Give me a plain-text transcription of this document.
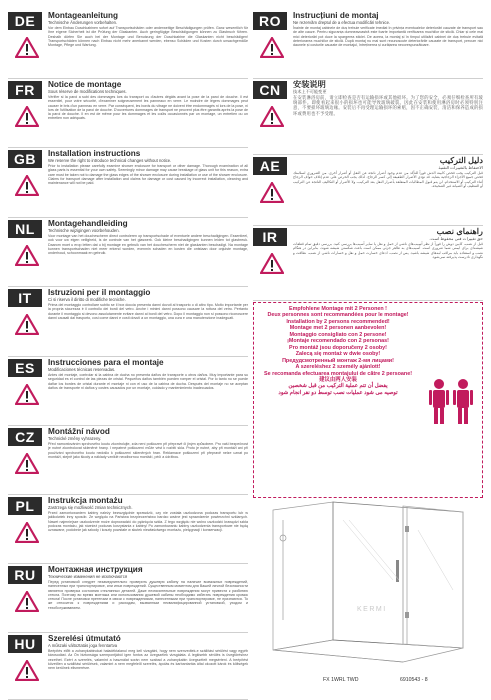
DE	Montageanleitung

Technische Änderungen vorbehalten.

Vor dem Einbau Duschkabinen sofort auf Transportschäden oder anderweitige Beschädigungen prüfen. Ganz wesentlich für Ihre eigene Sicherheit ist die Prüfung der Glaskanten. Auch geringfügige Beschädigungen können zu Glasbruch führen. Deshalb dürfen Sie auch bei der Montage und Benutzung der Duschkabine die Glaskanten nicht beschädigen! Transportschäden können nach Einbau nicht mehr anerkannt werden, ebenso Schäden und Kosten durch unsachgemäße Montage, Pflege und Wartung.

FR	Notice de montage

Sous réserve de modifications techniques.

Vérifier si la paroi a subi des dommages lors du transport ou d'autres dégâts avant la pose de la paroi de douche. Il est essentiel, pour votre sécurité, d'examiner soigneusement les panneaux en verre. Le moindre de légers dommages peut causer le bris d'un panneau en verre. Par conséquent, les bords du vitrage ne doivent être endommagés ni lors de la pose, ni lors de l'utilisation de la paroi de douche. D'ouvertures dommages de transport ne peuvent plus être garantis après la pose de la paroi de douche. Il en est de même pour les dommages et les coûts occasionnés par un montage, un entretien ou un entretien non adéquats.

GB	Installation instructions

We reserve the right to introduce technical changes without notice.

Prior to installation please carefully examine shower enclosure for transport or other damage. Thorough examination of all glass parts is essential for your own safety. Seemingly minor damage may cause breakage of glass unit for this reason, extra care must be taken not to damage the glass edges of the shower enclosure during installation or use of the shower enclosure. Claims for transport damage after installation and claims for damage or cost caused by incorrect installation, cleaning and maintenance will not be paid.

NL	Montagehandleiding

Technische wijzigingen voorbehouden.

Voor montage van het douchescherm direct controleren op transportschade of eventuele andere beschadigingen. Essentieel, ook voor uw eigen veiligheid, is de controle van het glaswerk. Ook kleine beschadigingen kunnen leiden tot glasbreuk. Daarom moet u erop letten dat u bij montage en gebruik van het douchescherm niet de glaskanten beschadigt. Na montage kunnen transportschaden niet meer erkend worden, evenmin schaden en kosten die ontstaan door onjuiste montage, onderhoud, schoonmaak en gebruik.

IT	Istruzioni per il montaggio

Ci si riserva il diritto di modifiche tecniche.

Prima del montaggio controllare subito se il box doccia presenta danni dovuti al trasporto o di altro tipo. Molto importante per la propria sicurezza è il controllo dei bordi del vetro. Anche i minimi danni possono causare la rottura del vetro. Pertanto durante il montaggio si devono assolutamente evitare danni ai bordi del vetro. Dopo il montaggio non si possono riconoscere danni causati dal trasporto, cosi come danni e costi dovuti a un montaggio, una cura e una manutenzione inadeguati.

ES	Instrucciones para el montaje

Modificaciones técnicas reservadas.

Antes del montaje, controlar si la cabina de ducha no presenta daños de transporte u otros daños. Muy importante para su seguridad es el control de las piezas de cristal. Pequeños daños también pueden romper el cristal. Por lo tanto no se puede dañar los bordes de cristal durante el montaje ni con el uso de la cabina de ducha. Después del montaje no se aceptan daños de transporte ni daños y costes causados por un montaje, cuidado y mantenimiento inadecuados.

CZ	Montážní návod

Technické změny vyhrazeny.

Před namontováním sprchového koutu zkontrolujte, zda není poškozen při přepravě či jiným způsobem. Pro vaši bezpečnost je nutné zkontrolovat skleněné hrany. I nepatrné poškození může vést k rozbití skla. Proto je nutné, aby při montáži ani při používání sprchového koutu nedošlo k poškození skleněných hran. Reklamace poškození při přepravě nelze uznat po montáži, stejně jako škody a náklady vzniklé neodbornou montáží, péčí a údržbou.

PL	Instrukcja montażu

Zastrzega się możliwość zmian technicznych.

Przed zamontowaniem kabiny należy bezwzględnie sprawdzić, czy nie została uszkodzona podczas transportu lub w jakikolwiek inny sposób. Ze względu na Państwa bezpieczeństwo bardzo ważne jest sprawdzenie powierzchni szklanych. Nawet najmniejsze uszkodzenie może doprowadzić do pęknięcia szkła. Z tego względu nie wolno uszkodzić krawędzi szkła podczas montażu, jak również podczas korzystania z kabiny! Po zamontowaniu kabiny uszkodzenia transportowe nie będą uznawane, podobnie jak szkody i koszty powstałe w skutek niewłaściwego montażu, pielęgnacji i konserwacji.

RU	Монтажная инструкция

Технические изменения не исключаются

Перед установкой следует незамедлительно проверить душевую кабину на наличие возможных повреждений, нанесенных при транспортировке, или иных повреждений. Существенным моментом для Вашей личной безопасности является проверка состояния стеклянных деталей. Даже незначительные повреждения могут привести к разбитию стекла. Поэтому во время монтажа или использования душевой кабины необходимо избегать повреждения кромок стекла! После установки претензии в связи с повреждениями, нанесенными при транспортировке, не признаются. То же относится к повреждениям и расходам, вызванным неквалифицированной установкой, уходом и техобслуживанием.

HU	Szerelési útmutató

A műszaki változtatás joga fenntartva

Beépítés előtt a zuhanykabinokat haladéktalanul meg kell vizsgálni, hogy nem szenvedtek-e szállítási sérülést vagy egyéb károsodást. Az Ön biztonsága szempontjából igen fontos az üvegszélek vizsgálata. A legkisebb sérülés is üvegtöréshez vezethet. Ezért a szerelés, valamint a használat során nem szabad a zuhanykabin üvegszéleit megsérteni. A beépítést követően a szállítási sérülések, valamint a nem megfelelő szerelés, ápolás és karbantartás által okozott károk és költségek nem kerülnek elismerésre.

RO	Instrucțiuni de montaj

Ne rezervăm dreptul de a efectua modificări tehnice.

Înainte de montaj cabinele de duș trebuie verificate imediat în privința eventualelor deteriorări cauzate de transport sau de alte cauze. Pentru siguranța dumneavoastră este foarte importantă verificarea muchiilor de sticlă. Chiar și cele mai mici deteriorări pot duce la spargerea sticlei. De aceea, la montaj și în timpul utilizării cabinei de duș trebuie evitată deteriorarea muchiilor de sticlă. După montaj nu mai sunt recunoscute deteriorările cauzate de transport, precum nici daunele și costurile cauzate de montajul, întreținerea și curățarea necorespunzătoare.

CN	安装说明

技术上不可能变更

在安装淋浴房前，请立即检查是否有运输损坏或其他损坏。为了您的安全，必须仔细检查所有玻璃部件。即使看起来很小的损坏也可能导致玻璃破裂。因此在安装和使用淋浴房时必须特别注意，不要损坏玻璃边缘。安装后不再受理运输损坏的索赔，因不正确安装、清洁和保养造成的损坏或费用也不予受理。

AE	دليل التركيب

الاحتفاظ بالتغييرات التقنية

قبل التركيب يجب فحص كابينة الدش فوراً للتأكد من عدم وجود أضرار ناتجة عن النقل أو أضرار أخرى. من الضروري لسلامتك فحص جميع الأجزاء الزجاجية بعناية. قد تؤدي الأضرار الطفيفة إلى كسر الزجاج، لذلك يجب الحرص على عدم إتلاف حواف الزجاج أثناء التركيب أو الاستخدام. لن يتم قبول المطالبات المتعلقة بأضرار النقل بعد التركيب، ولا الأضرار أو التكاليف الناتجة عن التركيب أو التنظيف أو الصيانة غير الصحيحة.

IR	راهنمای نصب

حق تغییرات فنی محفوظ است.

قبل از نصب، کابین دوش را فوراً از نظر آسیب‌های ناشی از حمل و نقل یا سایر آسیب‌ها بررسی کنید. بررسی دقیق تمام قطعات شیشه‌ای برای ایمنی شما ضروری است. آسیب‌های به ظاهر جزئی ممکن است باعث شکستن شیشه شوند، بنابراین در هنگام نصب و استفاده باید مراقب لبه‌های شیشه باشید. پس از نصب، ادعای خسارت حمل و نقل و خسارات ناشی از نصب، نظافت و نگهداری نادرست پذیرفته نمی‌شود.

Empfohlene Montage mit 2 Personen !

Deux personnes sont recommandées pour le montage!

Installation by 2 persons recommended!

Montage met 2 personen aanbevolen!

Montaggio consigliato con 2 persone!

¡Montaje recomendado con 2 personas!

Pro montáž jsou doporučeny 2 osoby!

Zalecą się montaż w dwie osoby!

Предудсмотренный монтаж 2-мя лицами!

A szereléshez 2 személy ajánlott!

Se recomanda efectuarea montajului de către 2 persoane!

建议由两人安装

يفضل أن تتم عملية التركيب من قبل شخصين

توصیه می شود عملیات نصب توسط دو نفر انجام شود

KERMI
FX 1WRL TWD	6910543 - 8
